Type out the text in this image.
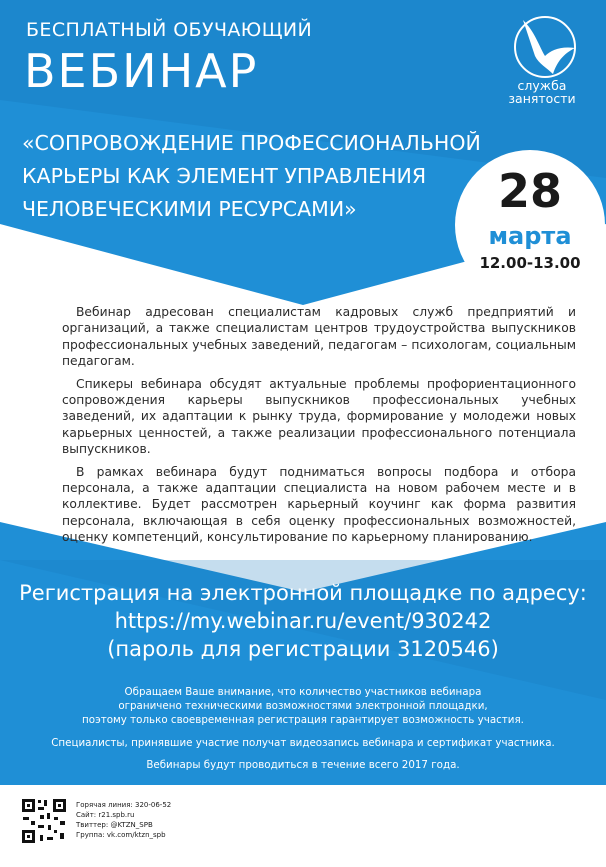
БЕСПЛАТНЫЙ ОБУЧАЮЩИЙ
ВЕБИНАР	служба
занятости
«СОПРОВОЖДЕНИЕ ПРОФЕССИОНАЛЬНОЙ
КАРЬЕРЫ КАК ЭЛЕМЕНТ УПРАВЛЕНИЯ
ЧЕЛОВЕЧЕСКИМИ РЕСУРСАМИ»	28
марта
12.00-13.00

Вебинар адресован специалистам кадровых служб предприятий и организаций, а также специалистам центров трудоустройства выпускников профессиональных учебных заведений, педагогам – психологам, социальным педагогам.

Спикеры вебинара обсудят актуальные проблемы профориентационного сопровождения карьеры выпускников профессиональных учебных заведений, их адаптации к рынку труда, формирование у молодежи новых карьерных ценностей, а также реализации профессионального потенциала выпускников.

В рамках вебинара будут подниматься вопросы подбора и отбора персонала, а также адаптации специалиста на новом рабочем месте и в коллективе. Будет рассмотрен карьерный коучинг как форма развития персонала, включающая в себя оценку профессиональных возможностей, оценку компетенций, консультирование по карьерному планированию.

Регистрация на электронной площадке по адресу:
https://my.webinar.ru/event/930242
(пароль для регистрации 3120546)
Обращаем Ваше внимание, что количество участников вебинара
ограничено техническими возможностями электронной площадки,
поэтому только своевременная регистрация гарантирует возможность участия.
Специалисты, принявшие участие получат видеозапись вебинара и сертификат участника.
Вебинары будут проводиться в течение всего 2017 года.
Горячая линия: 320-06-52
Сайт: r21.spb.ru
Твиттер: @KTZN_SPB
Группа: vk.com/ktzn_spb
